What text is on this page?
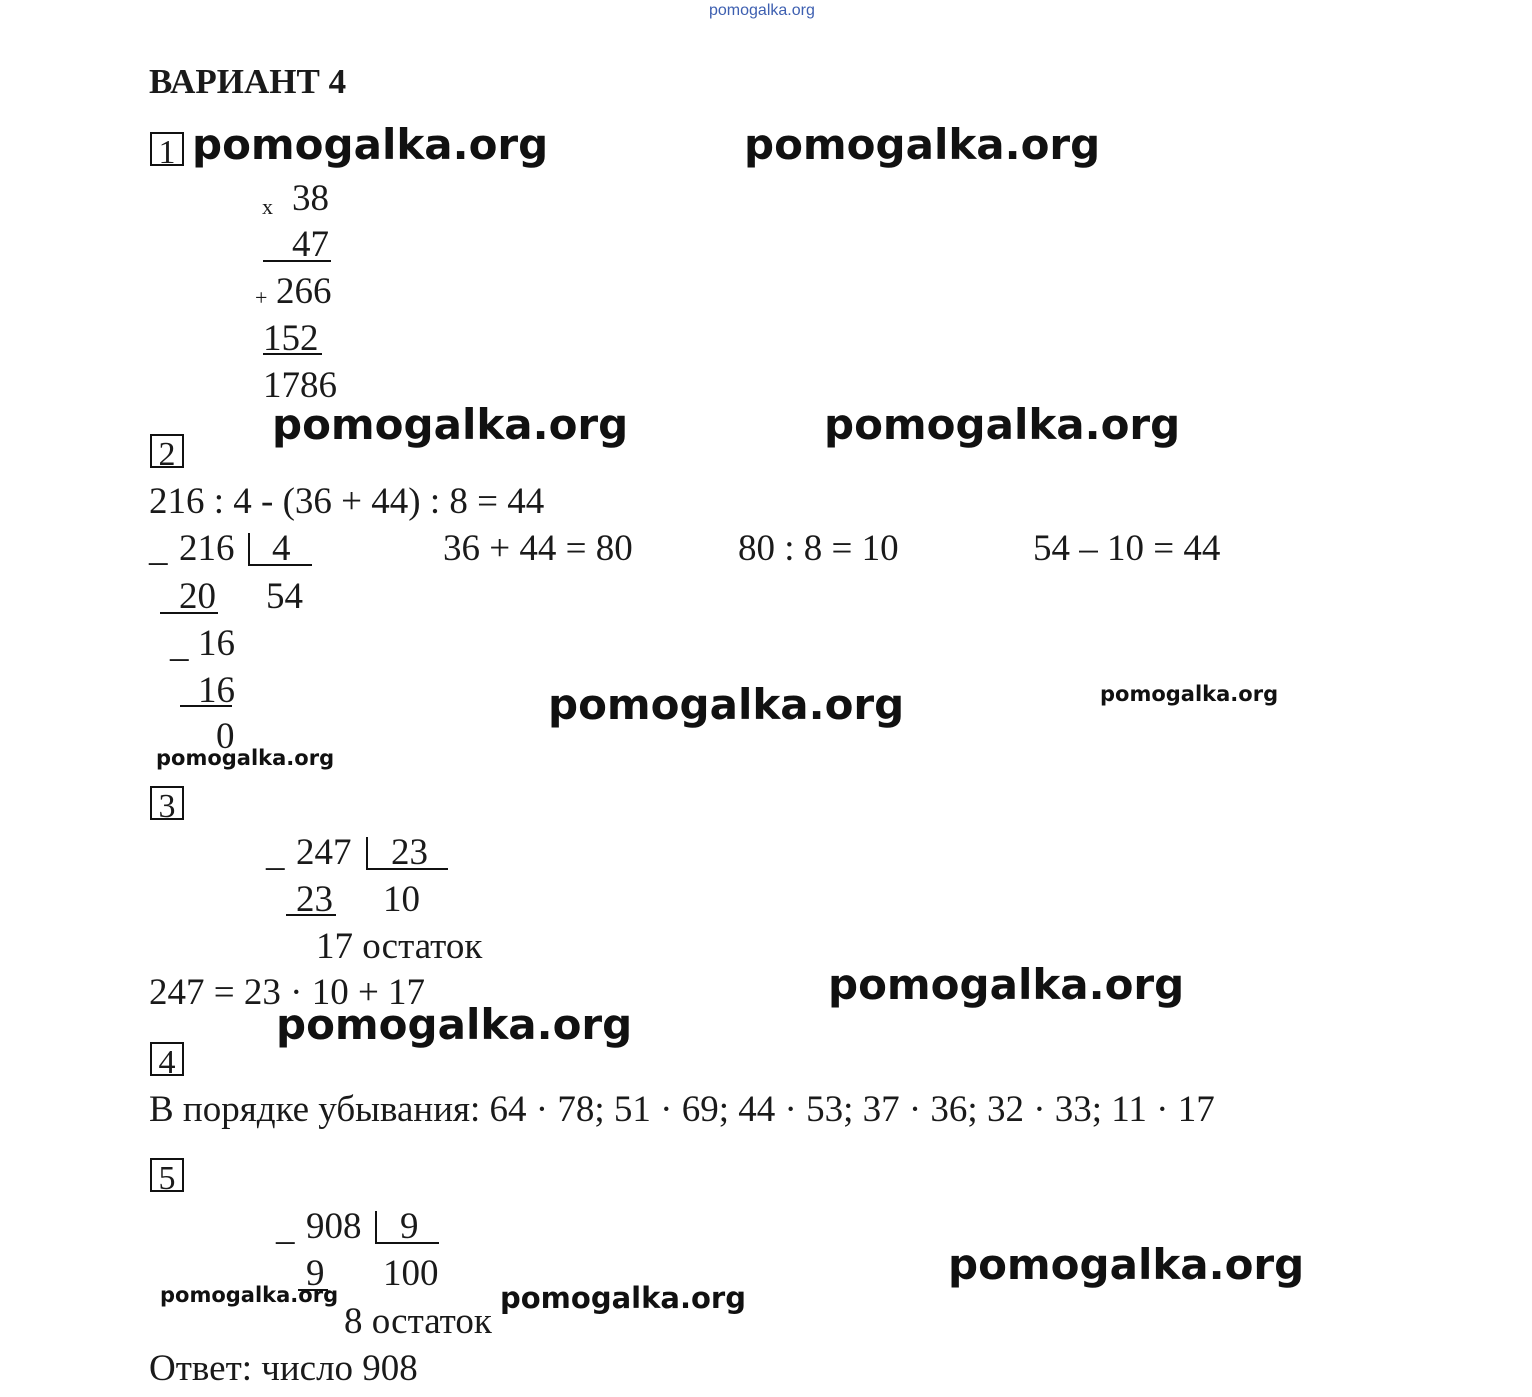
pomogalka.org
ВАРИАНТ 4
1 pomogalka.org	pomogalka.org
x 38
47
+ 266
152
1786
pomogalka.org	pomogalka.org
2
216 : 4 - (36 + 44) : 8 = 44
_ 216 4	36 + 44 = 80	80 : 8 = 10	54 – 10 = 44
20 54
_ 16
16
0
pomogalka.org	pomogalka.org
pomogalka.org
3
_ 247 23
23 10
17 остаток
247 = 23 · 10 + 17	pomogalka.org
pomogalka.org
4
В порядке убывания: 64 · 78; 51 · 69; 44 · 53; 37 · 36; 32 · 33; 11 · 17
5
_ 908 9
9 100	pomogalka.org
pomogalka.org	pomogalka.org
8 остаток
Ответ: число 908
